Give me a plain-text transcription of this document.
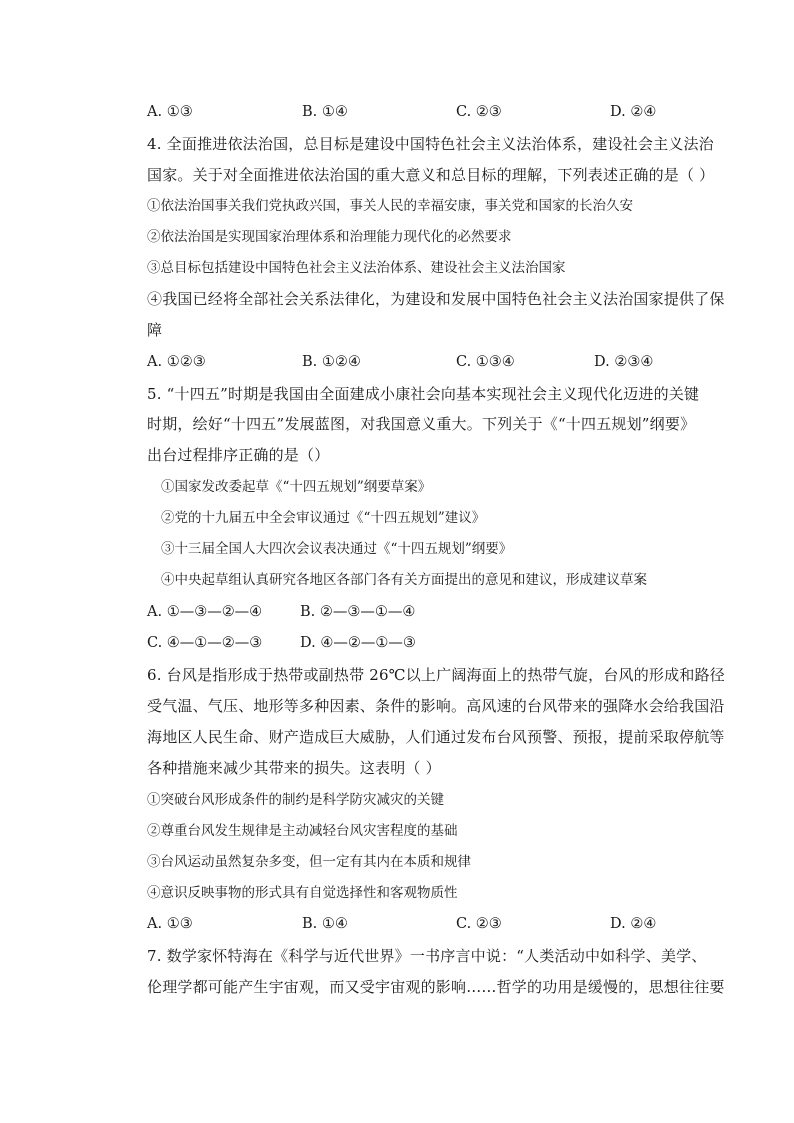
A. ①③	B. ①④	C. ②③	D. ②④
4. 全面推进依法治国，总目标是建设中国特色社会主义法治体系，建设社会主义法治
国家。关于对全面推进依法治国的重大意义和总目标的理解，下列表述正确的是（ ）
①依法治国事关我们党执政兴国，事关人民的幸福安康，事关党和国家的长治久安
②依法治国是实现国家治理体系和治理能力现代化的必然要求
③总目标包括建设中国特色社会主义法治体系、建设社会主义法治国家
④我国已经将全部社会关系法律化，为建设和发展中国特色社会主义法治国家提供了保
障
A. ①②③	B. ①②④	C. ①③④	D. ②③④
5. “十四五”时期是我国由全面建成小康社会向基本实现社会主义现代化迈进的关键
时期，绘好“十四五”发展蓝图，对我国意义重大。下列关于《“十四五规划”纲要》
出台过程排序正确的是（）
①国家发改委起草《“十四五规划”纲要草案》
②党的十九届五中全会审议通过《“十四五规划”建议》
③十三届全国人大四次会议表决通过《“十四五规划”纲要》
④中央起草组认真研究各地区各部门各有关方面提出的意见和建议，形成建议草案
A. ①—③—②—④	B. ②—③—①—④
C. ④—①—②—③	D. ④—②—①—③
6. 台风是指形成于热带或副热带 26℃以上广阔海面上的热带气旋，台风的形成和路径
受气温、气压、地形等多种因素、条件的影响。高风速的台风带来的强降水会给我国沿
海地区人民生命、财产造成巨大威胁，人们通过发布台风预警、预报，提前采取停航等
各种措施来减少其带来的损失。这表明（ ）
①突破台风形成条件的制约是科学防灾减灾的关键
②尊重台风发生规律是主动减轻台风灾害程度的基础
③台风运动虽然复杂多变，但一定有其内在本质和规律
④意识反映事物的形式具有自觉选择性和客观物质性
A. ①③	B. ①④	C. ②③	D. ②④
7. 数学家怀特海在《科学与近代世界》一书序言中说：“人类活动中如科学、美学、
伦理学都可能产生宇宙观，而又受宇宙观的影响……哲学的功用是缓慢的，思想往往要
